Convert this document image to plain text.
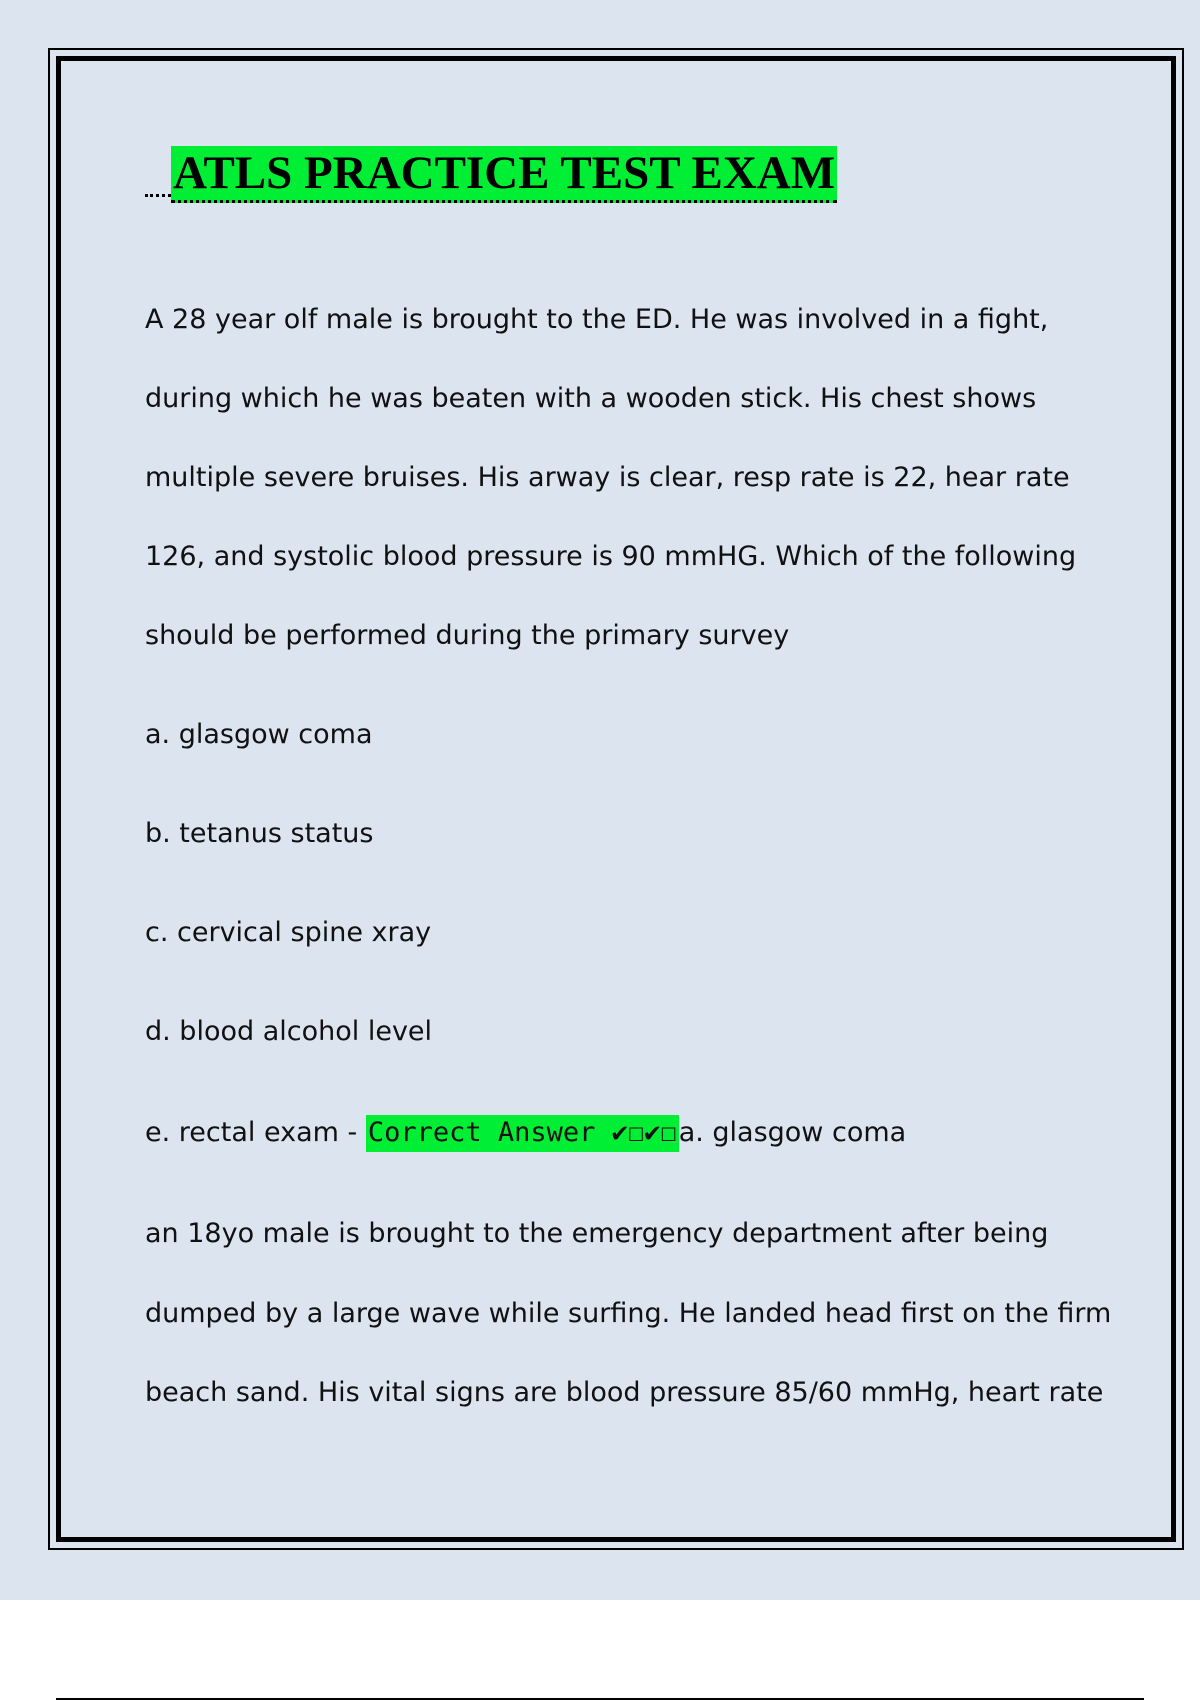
ATLS PRACTICE TEST EXAM
A 28 year olf male is brought to the ED. He was involved in a fight,
during which he was beaten with a wooden stick. His chest shows
multiple severe bruises. His arway is clear, resp rate is 22, hear rate
126, and systolic blood pressure is 90 mmHG. Which of the following
should be performed during the primary survey
a. glasgow coma
b. tetanus status
c. cervical spine xray
d. blood alcohol level
e. rectal exam - Correct Answer ✔☐✔☐a. glasgow coma
an 18yo male is brought to the emergency department after being
dumped by a large wave while surfing. He landed head first on the firm
beach sand. His vital signs are blood pressure 85/60 mmHg, heart rate
